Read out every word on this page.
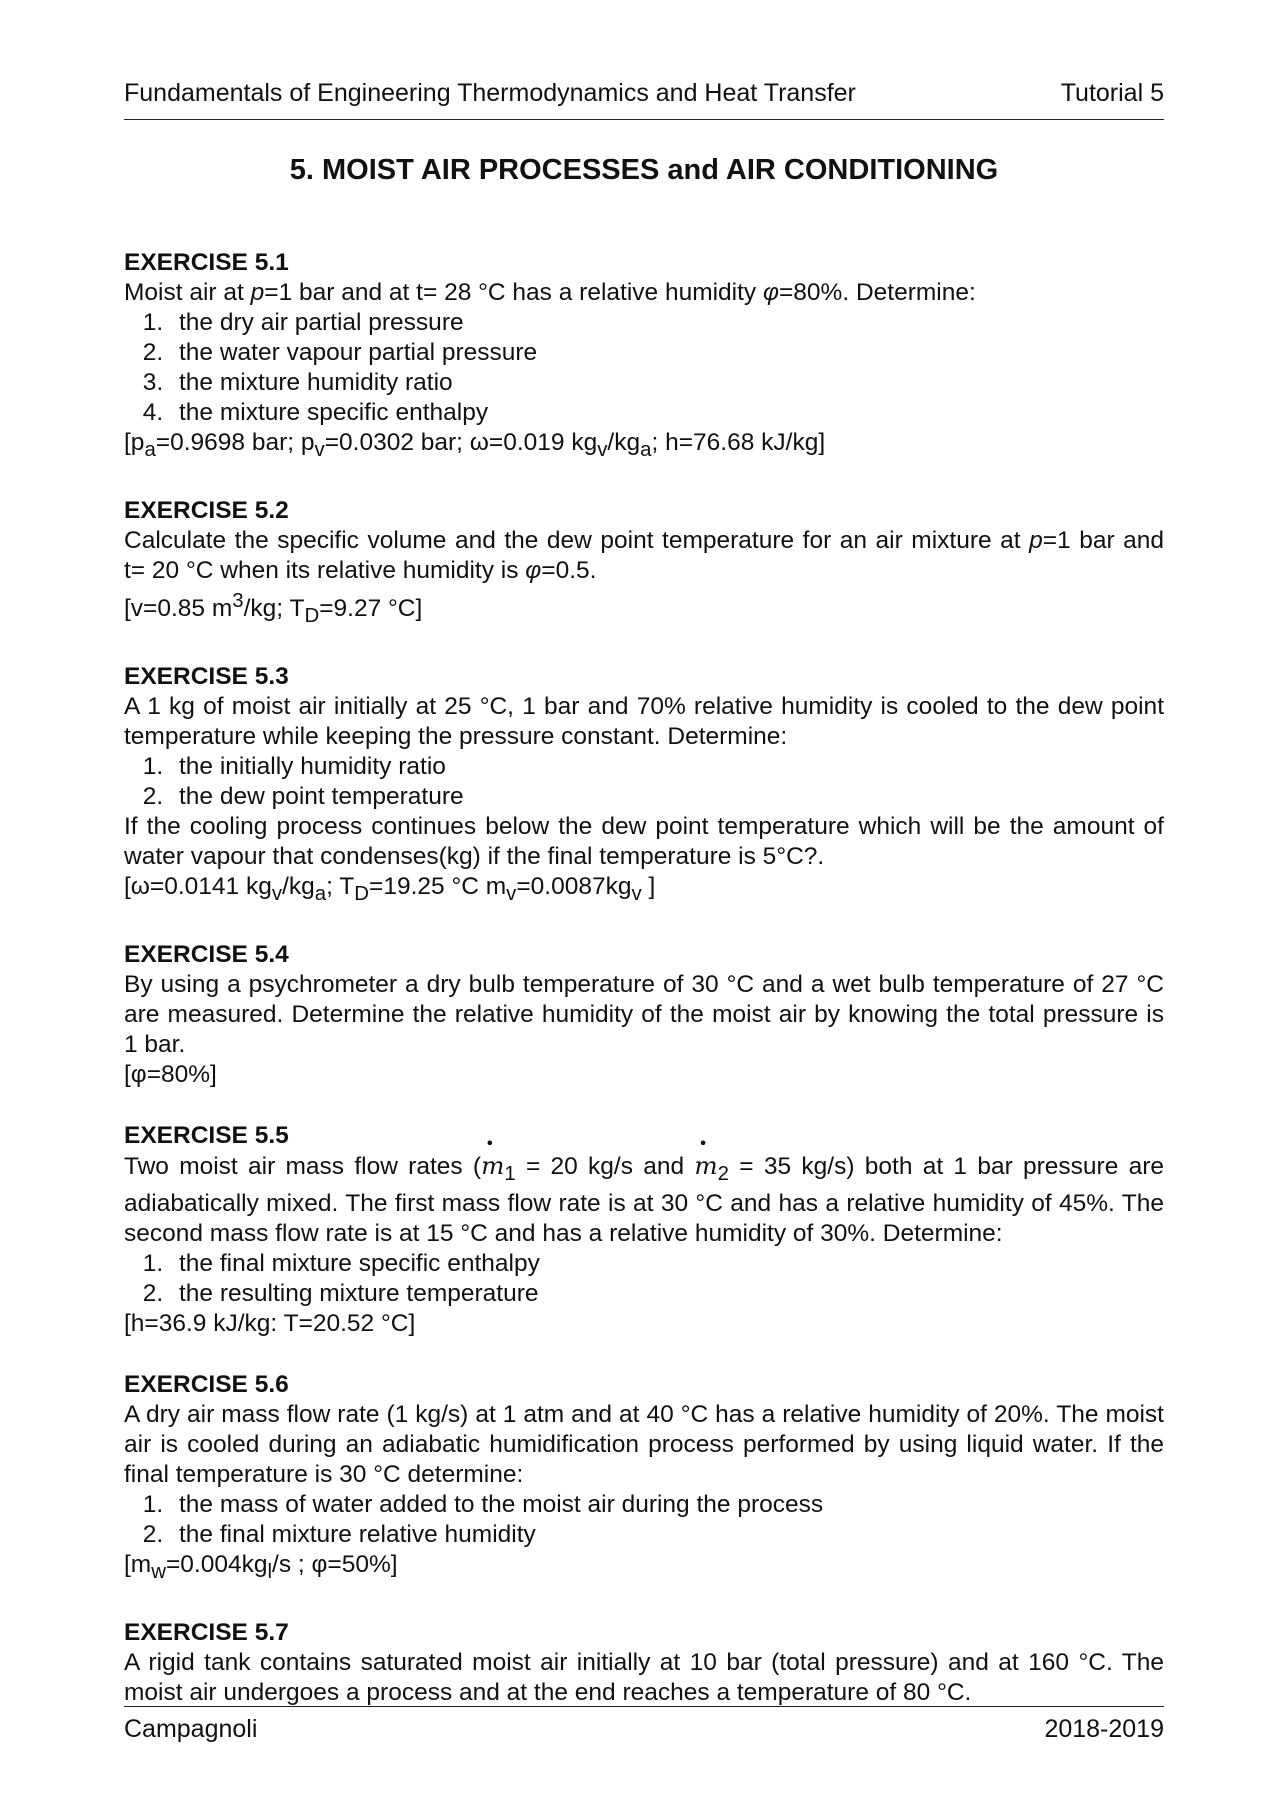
Fundamentals of Engineering Thermodynamics and Heat Transfer	Tutorial 5
5. MOIST AIR PROCESSES and AIR CONDITIONING
EXERCISE 5.1

Moist air at p=1 bar and at t= 28 °C has a relative humidity φ=80%. Determine:

1. the dry air partial pressure
2. the water vapour partial pressure
3. the mixture humidity ratio
4. the mixture specific enthalpy

[$p_a=0.9698$ bar; $p_v=0.0302$ bar; ω=0.019 $kg_v/kg_a$; h=76.68 kJ/kg]

EXERCISE 5.2

Calculate the specific volume and the dew point temperature for an air mixture at p=1 bar and t= 20 °C when its relative humidity is φ=0.5.

[v=0.85 $m^3/kg$; $T_D=9.27$ °C]

EXERCISE 5.3

A 1 kg of moist air initially at 25 °C, 1 bar and 70% relative humidity is cooled to the dew point temperature while keeping the pressure constant. Determine:

1. the initially humidity ratio
2. the dew point temperature

If the cooling process continues below the dew point temperature which will be the amount of water vapour that condenses(kg) if the final temperature is 5°C?.

[ω=0.0141 $kg_v/kg_a$; $T_D=19.25$ °C $m_v=0.0087kg_v$ ]

EXERCISE 5.4

By using a psychrometer a dry bulb temperature of 30 °C and a wet bulb temperature of 27 °C are measured. Determine the relative humidity of the moist air by knowing the total pressure is 1 bar.

[φ=80%]

EXERCISE 5.5

Two moist air mass flow rates (• $m_1 = 20$ kg/s and • $m_2 = 35$ kg/s) both at 1 bar pressure are adiabatically mixed. The first mass flow rate is at 30 °C and has a relative humidity of 45%. The second mass flow rate is at 15 °C and has a relative humidity of 30%. Determine:

1. the final mixture specific enthalpy
2. the resulting mixture temperature

[h=36.9 kJ/kg: T=20.52 °C]

EXERCISE 5.6

A dry air mass flow rate (1 kg/s) at 1 atm and at 40 °C has a relative humidity of 20%. The moist air is cooled during an adiabatic humidification process performed by using liquid water. If the final temperature is 30 °C determine:

1. the mass of water added to the moist air during the process
2. the final mixture relative humidity

[$m_w=0.004kg_l/s$ ; φ=50%]

EXERCISE 5.7

A rigid tank contains saturated moist air initially at 10 bar (total pressure) and at 160 °C. The moist air undergoes a process and at the end reaches a temperature of 80 °C.

Campagnoli	2018-2019
